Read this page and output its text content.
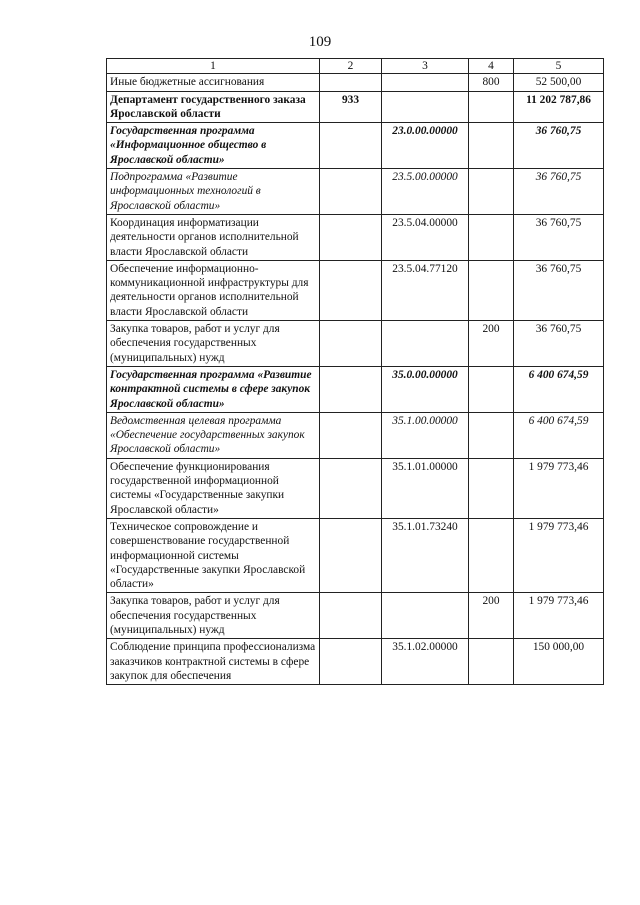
109
1	2	3	4	5
Иные бюджетные ассигнования			800	52 500,00
Департамент государственного заказа Ярославской области	933			11 202 787,86
Государственная программа «Информационное общество в Ярославской области»		23.0.00.00000		36 760,75
Подпрограмма «Развитие информационных технологий в Ярославской области»		23.5.00.00000		36 760,75
Координация информатизации деятельности органов исполнительной власти Ярославской области		23.5.04.00000		36 760,75
Обеспечение информационно-коммуникационной инфраструктуры для деятельности органов исполнительной власти Ярославской области		23.5.04.77120		36 760,75
Закупка товаров, работ и услуг для обеспечения государственных (муниципальных) нужд			200	36 760,75
Государственная программа «Развитие контрактной системы в сфере закупок Ярославской области»		35.0.00.00000		6 400 674,59
Ведомственная целевая программа «Обеспечение государственных закупок Ярославской области»		35.1.00.00000		6 400 674,59
Обеспечение функционирования государственной информационной системы «Государственные закупки Ярославской области»		35.1.01.00000		1 979 773,46
Техническое сопровождение и совершенствование государственной информационной системы «Государственные закупки Ярославской области»		35.1.01.73240		1 979 773,46
Закупка товаров, работ и услуг для обеспечения государственных (муниципальных) нужд			200	1 979 773,46
Соблюдение принципа профессионализма заказчиков контрактной системы в сфере закупок для обеспечения		35.1.02.00000		150 000,00
